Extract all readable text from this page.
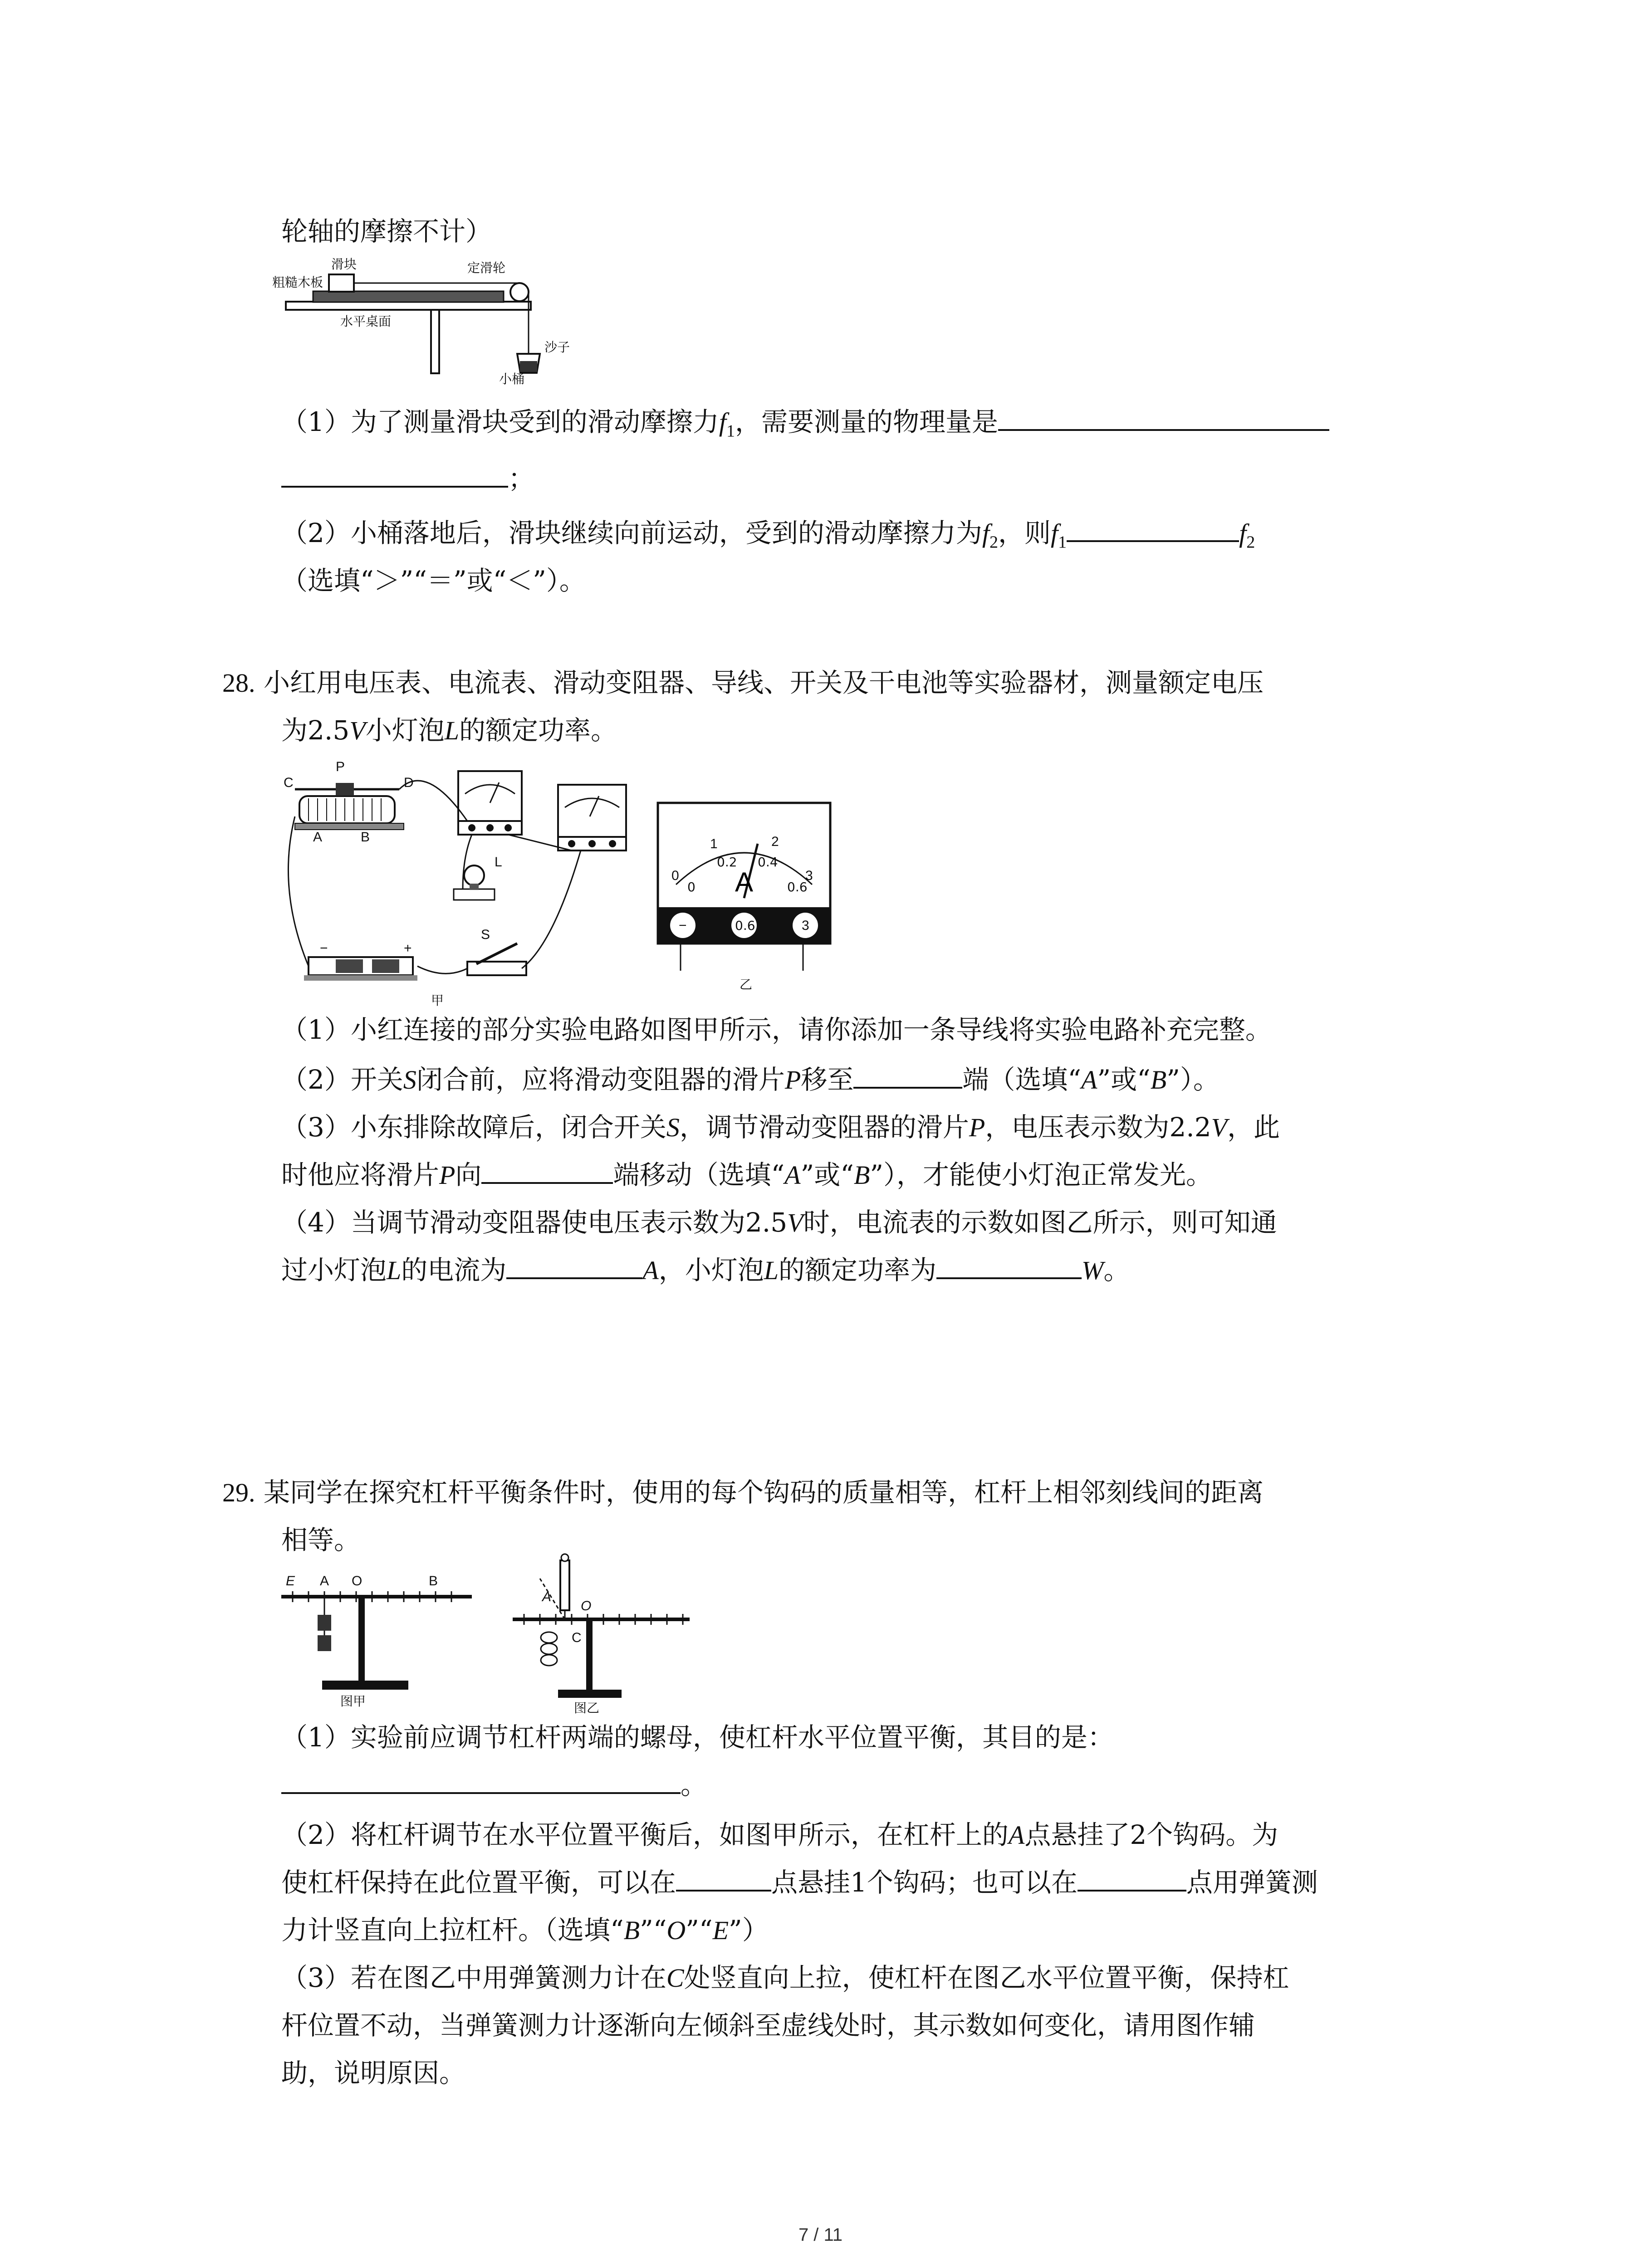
轮轴的摩擦不计）
滑块
粗糙木板
定滑轮
水平桌面
沙子
小桶
（1）为了测量滑块受到的滑动摩擦力$f_1$，需要测量的物理量是
；
（2）小桶落地后，滑块继续向前运动，受到的滑动摩擦力为$f_2$，则$f_1$	$f_2$
（选填“＞”“＝”或“＜”）。
28. 小红用电压表、电流表、滑动变阻器、导线、开关及干电池等实验器材，测量额定电压
为2.5V小灯泡L的额定功率。
P
C	D
A	B
L
−	+
S
甲
0
1	2
3
0
0.2 0.4
0.6
A
−	0.6	3
乙
（1）小红连接的部分实验电路如图甲所示，请你添加一条导线将实验电路补充完整。
（2）开关S闭合前，应将滑动变阻器的滑片P移至	端（选填“A”或“B”）。
（3）小东排除故障后，闭合开关S，调节滑动变阻器的滑片P，电压表示数为2.2V，此
时他应将滑片P向	端移动（选填“A”或“B”），才能使小灯泡正常发光。
（4）当调节滑动变阻器使电压表示数为2.5V时，电流表的示数如图乙所示，则可知通
过小灯泡L的电流为	A，小灯泡L的额定功率为	W。
29. 某同学在探究杠杆平衡条件时，使用的每个钩码的质量相等，杠杆上相邻刻线间的距离
相等。
E A O	B
图甲
A
O
C
图乙
（1）实验前应调节杠杆两端的螺母，使杠杆水平位置平衡，其目的是：
。
（2）将杠杆调节在水平位置平衡后，如图甲所示，在杠杆上的A点悬挂了2个钩码。为
使杠杆保持在此位置平衡，可以在	点悬挂1个钩码；也可以在	点用弹簧测
力计竖直向上拉杠杆。（选填“B”“O”“E”）
（3）若在图乙中用弹簧测力计在C处竖直向上拉，使杠杆在图乙水平位置平衡，保持杠
杆位置不动，当弹簧测力计逐渐向左倾斜至虚线处时，其示数如何变化，请用图作辅
助，说明原因。
7 / 11
